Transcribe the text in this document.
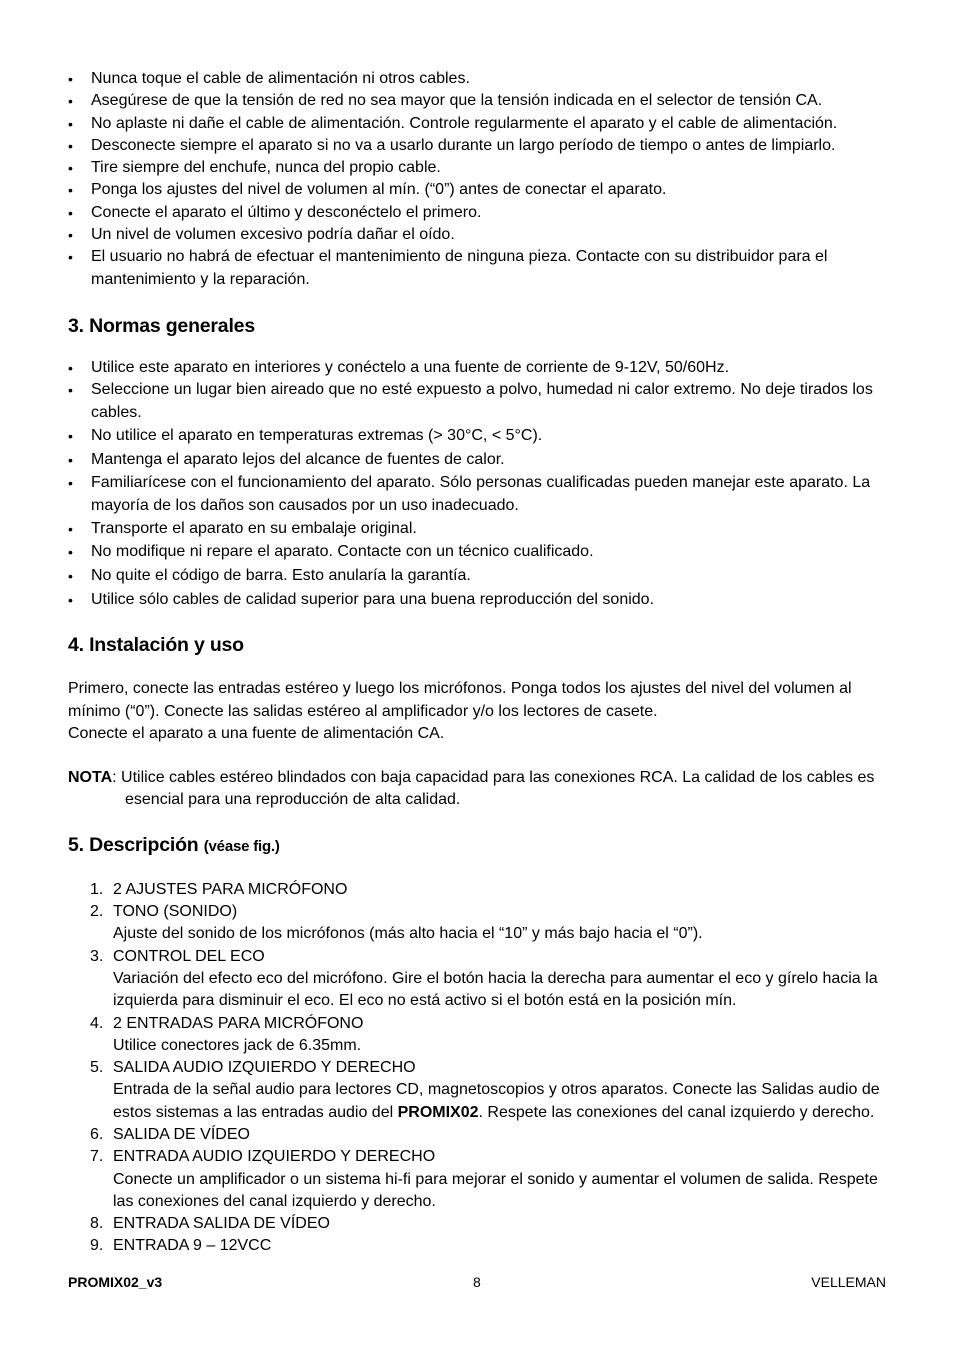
• Nunca toque el cable de alimentación ni otros cables.
• Asegúrese de que la tensión de red no sea mayor que la tensión indicada en el selector de tensión CA.
• No aplaste ni dañe el cable de alimentación. Controle regularmente el aparato y el cable de alimentación.
• Desconecte siempre el aparato si no va a usarlo durante un largo período de tiempo o antes de limpiarlo.
• Tire siempre del enchufe, nunca del propio cable.
• Ponga los ajustes del nivel de volumen al mín. (“0”) antes de conectar el aparato.
• Conecte el aparato el último y desconéctelo el primero.
• Un nivel de volumen excesivo podría dañar el oído.
• El usuario no habrá de efectuar el mantenimiento de ninguna pieza. Contacte con su distribuidor para el mantenimiento y la reparación.
3. Normas generales
• Utilice este aparato en interiores y conéctelo a una fuente de corriente de 9-12V, 50/60Hz.
• Seleccione un lugar bien aireado que no esté expuesto a polvo, humedad ni calor extremo. No deje tirados los cables.
• No utilice el aparato en temperaturas extremas (> 30°C, < 5°C).
• Mantenga el aparato lejos del alcance de fuentes de calor.
• Familiarícese con el funcionamiento del aparato. Sólo personas cualificadas pueden manejar este aparato. La mayoría de los daños son causados por un uso inadecuado.
• Transporte el aparato en su embalaje original.
• No modifique ni repare el aparato. Contacte con un técnico cualificado.
• No quite el código de barra. Esto anularía la garantía.
• Utilice sólo cables de calidad superior para una buena reproducción del sonido.
4. Instalación y uso

Primero, conecte las entradas estéreo y luego los micrófonos. Ponga todos los ajustes del nivel del volumen al mínimo (“0”). Conecte las salidas estéreo al amplificador y/o los lectores de casete.

Conecte el aparato a una fuente de alimentación CA.

NOTA: Utilice cables estéreo blindados con baja capacidad para las conexiones RCA. La calidad de los cables es esencial para una reproducción de alta calidad.

5. Descripción (véase fig.)
1. 2 AJUSTES PARA MICRÓFONO
2. TONO (SONIDO)
Ajuste del sonido de los micrófonos (más alto hacia el “10” y más bajo hacia el “0”).
3. CONTROL DEL ECO
Variación del efecto eco del micrófono. Gire el botón hacia la derecha para aumentar el eco y gírelo hacia la izquierda para disminuir el eco. El eco no está activo si el botón está en la posición mín.
4. 2 ENTRADAS PARA MICRÓFONO
Utilice conectores jack de 6.35mm.
5. SALIDA AUDIO IZQUIERDO Y DERECHO
Entrada de la señal audio para lectores CD, magnetoscopios y otros aparatos. Conecte las Salidas audio de estos sistemas a las entradas audio del PROMIX02. Respete las conexiones del canal izquierdo y derecho.
6. SALIDA DE VÍDEO
7. ENTRADA AUDIO IZQUIERDO Y DERECHO
Conecte un amplificador o un sistema hi-fi para mejorar el sonido y aumentar el volumen de salida. Respete las conexiones del canal izquierdo y derecho.
8. ENTRADA SALIDA DE VÍDEO
9. ENTRADA 9 – 12VCC
PROMIX02_v3	8	VELLEMAN
